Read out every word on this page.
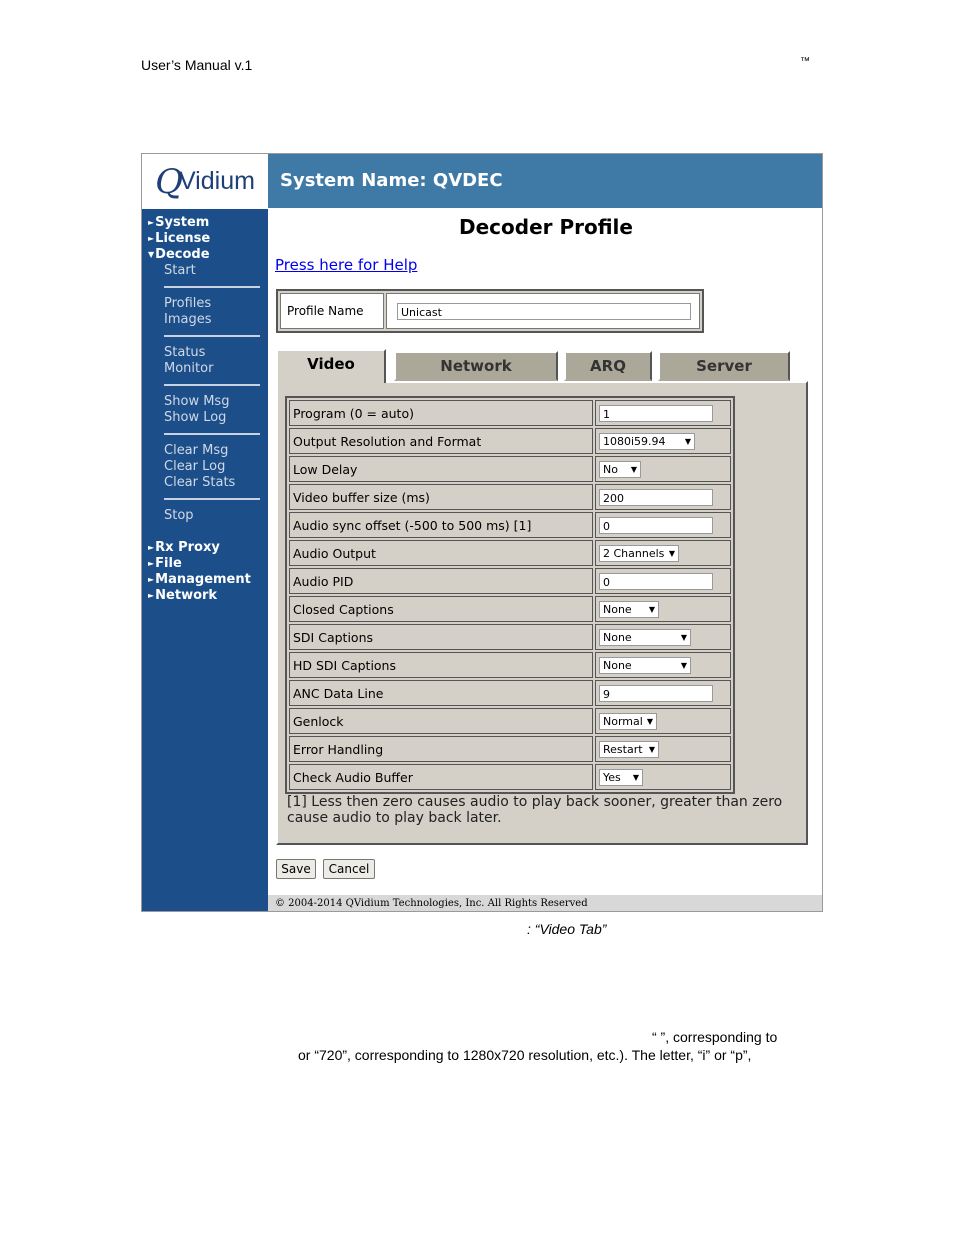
User’s Manual v.1	™
Q
Vidium	System Name: QVDEC
►System
►License
▼Decode
Start
Profiles
Images
Status
Monitor
Show Msg
Show Log
Clear Msg
Clear Log
Clear Stats
Stop
►Rx Proxy
►File
►Management
►Network
Decoder Profile
Press here for Help
Profile Name	Unicast
Video	Network	ARQ	Server
Program (0 = auto)	1
Output Resolution and Format	1080i59.94 ▼

Low Delay	No ▼

Video buffer size (ms)	200
Audio sync offset (-500 to 500 ms) [1]	0
Audio Output	2 Channels ▼

Audio PID	0
Closed Captions	None ▼

SDI Captions	None ▼

HD SDI Captions	None ▼

ANC Data Line	9
Genlock	Normal ▼

Error Handling	Restart ▼

Check Audio Buffer	Yes ▼
[1] Less then zero causes audio to play back sooner, greater than zero cause audio to play back later.
Save	Cancel
© 2004-2014 QVidium Technologies, Inc. All Rights Reserved
: “Video Tab”
“ ”, corresponding to
or “720”, corresponding to 1280x720 resolution, etc.). The letter, “i” or “p”,
